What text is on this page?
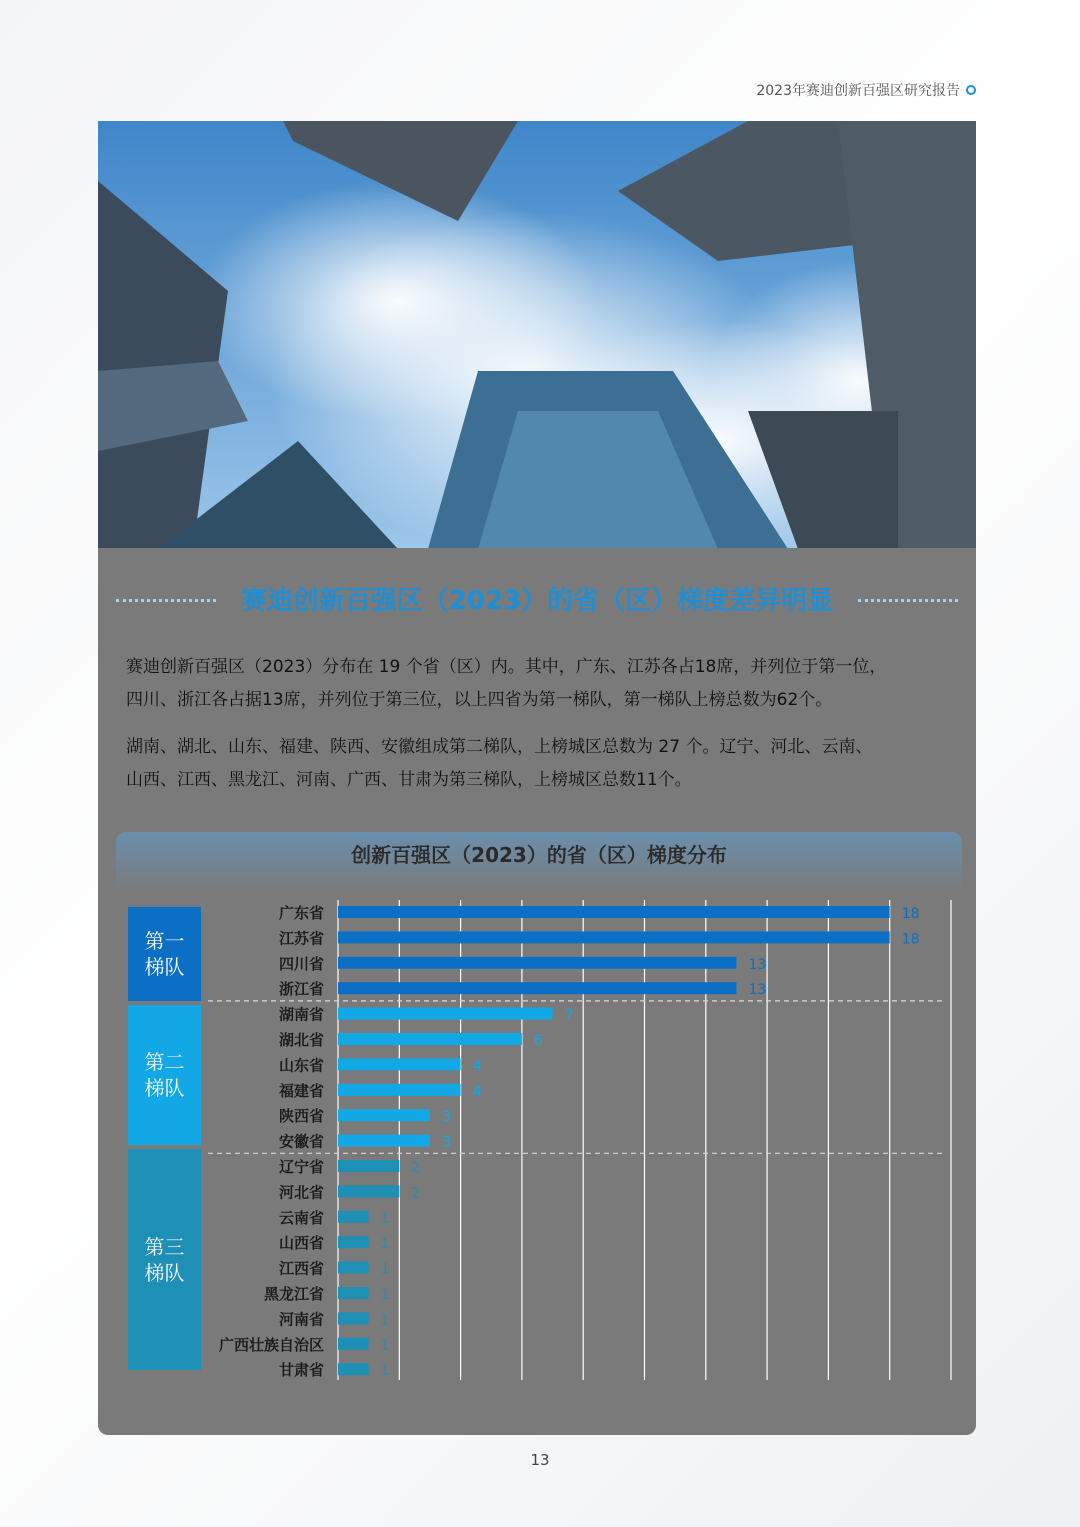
2023年赛迪创新百强区研究报告
赛迪创新百强区（2023）的省（区）梯度差异明显
赛迪创新百强区（2023）分布在 19 个省（区）内。其中，广东、江苏各占18席，并列位于第一位，
四川、浙江各占据13席，并列位于第三位，以上四省为第一梯队，第一梯队上榜总数为62个。
湖南、湖北、山东、福建、陕西、安徽组成第二梯队，上榜城区总数为 27 个。辽宁、河北、云南、
山西、江西、黑龙江、河南、广西、甘肃为第三梯队，上榜城区总数11个。
创新百强区（2023）的省（区）梯度分布
第一
梯队
第二
梯队
第三
梯队
广东省	18
江苏省	18
四川省	13
浙江省	13
湖南省	7
湖北省	6
山东省	4
福建省	4
陕西省	3
安徽省	3
辽宁省	2
河北省	2
云南省	1
山西省	1
江西省	1
黑龙江省	1
河南省	1
广西壮族自治区	1
甘肃省	1
13
